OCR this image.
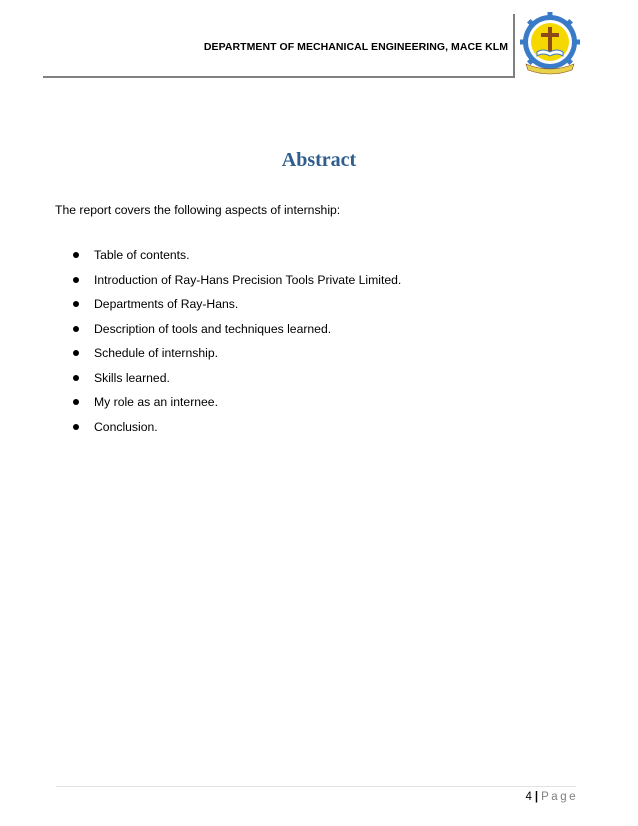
DEPARTMENT OF MECHANICAL ENGINEERING, MACE KLM
Abstract
The report covers the following aspects of internship:
Table of contents.
Introduction of Ray-Hans Precision Tools Private Limited.
Departments of Ray-Hans.
Description of tools and techniques learned.
Schedule of internship.
Skills learned.
My role as an internee.
Conclusion.
4 | Page
